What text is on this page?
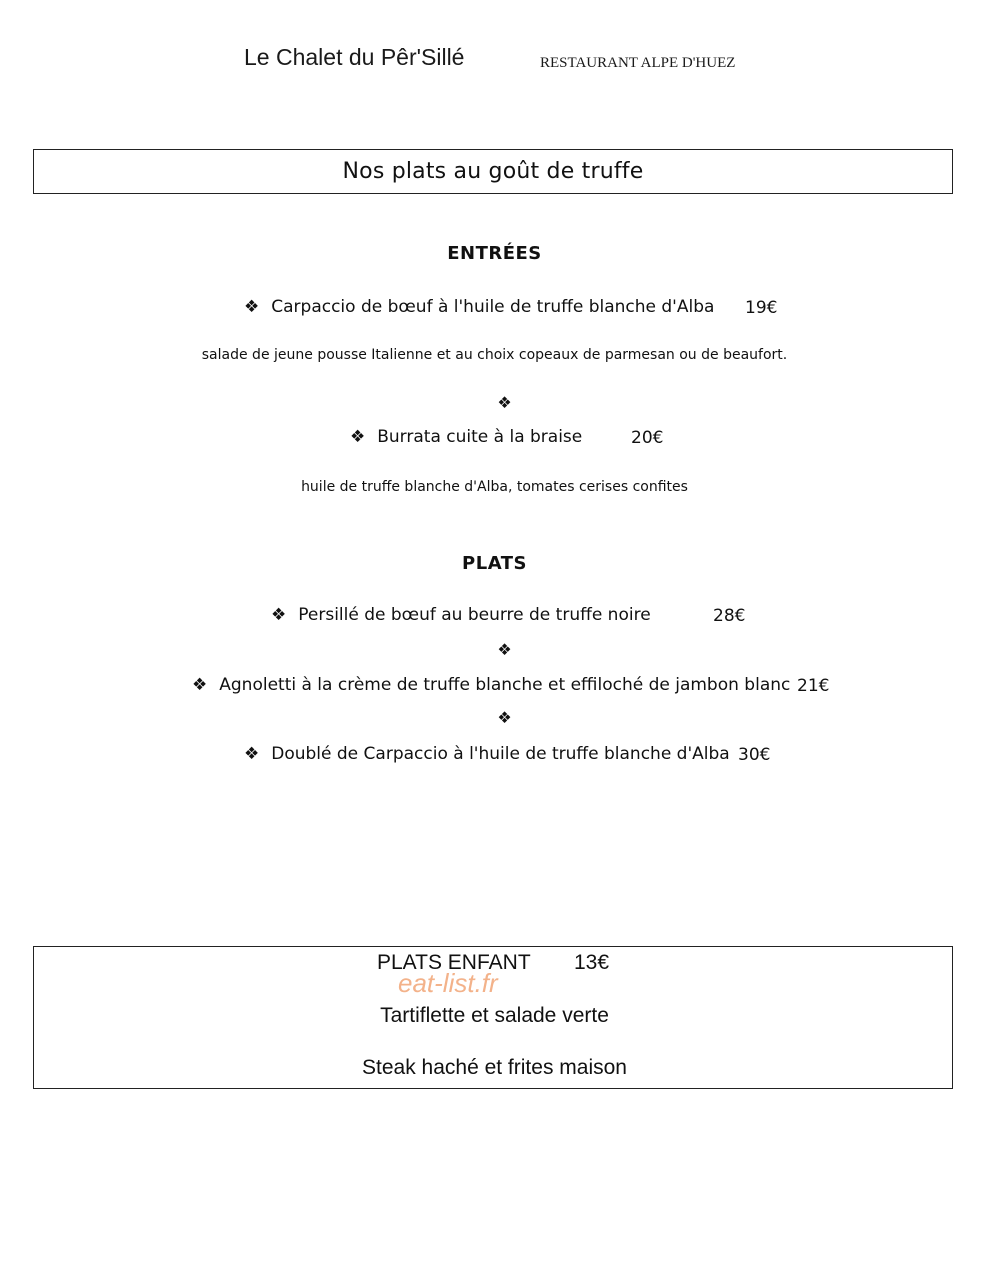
Le Chalet du Pêr'Sillé	RESTAURANT ALPE D'HUEZ
Nos plats au goût de truffe
ENTRÉES
❖ Carpaccio de bœuf à l'huile de truffe blanche d'Alba 19€
salade de jeune pousse Italienne et au choix copeaux de parmesan ou de beaufort.
❖
❖ Burrata cuite à la braise	20€
huile de truffe blanche d'Alba, tomates cerises confites
PLATS
❖ Persillé de bœuf au beurre de truffe noire	28€
❖
❖ Agnoletti à la crème de truffe blanche et effiloché de jambon blanc 21€
❖
❖ Doublé de Carpaccio à l'huile de truffe blanche d'Alba 30€
PLATS ENFANT 13€
eat-list.fr
Tartiflette et salade verte
Steak haché et frites maison
